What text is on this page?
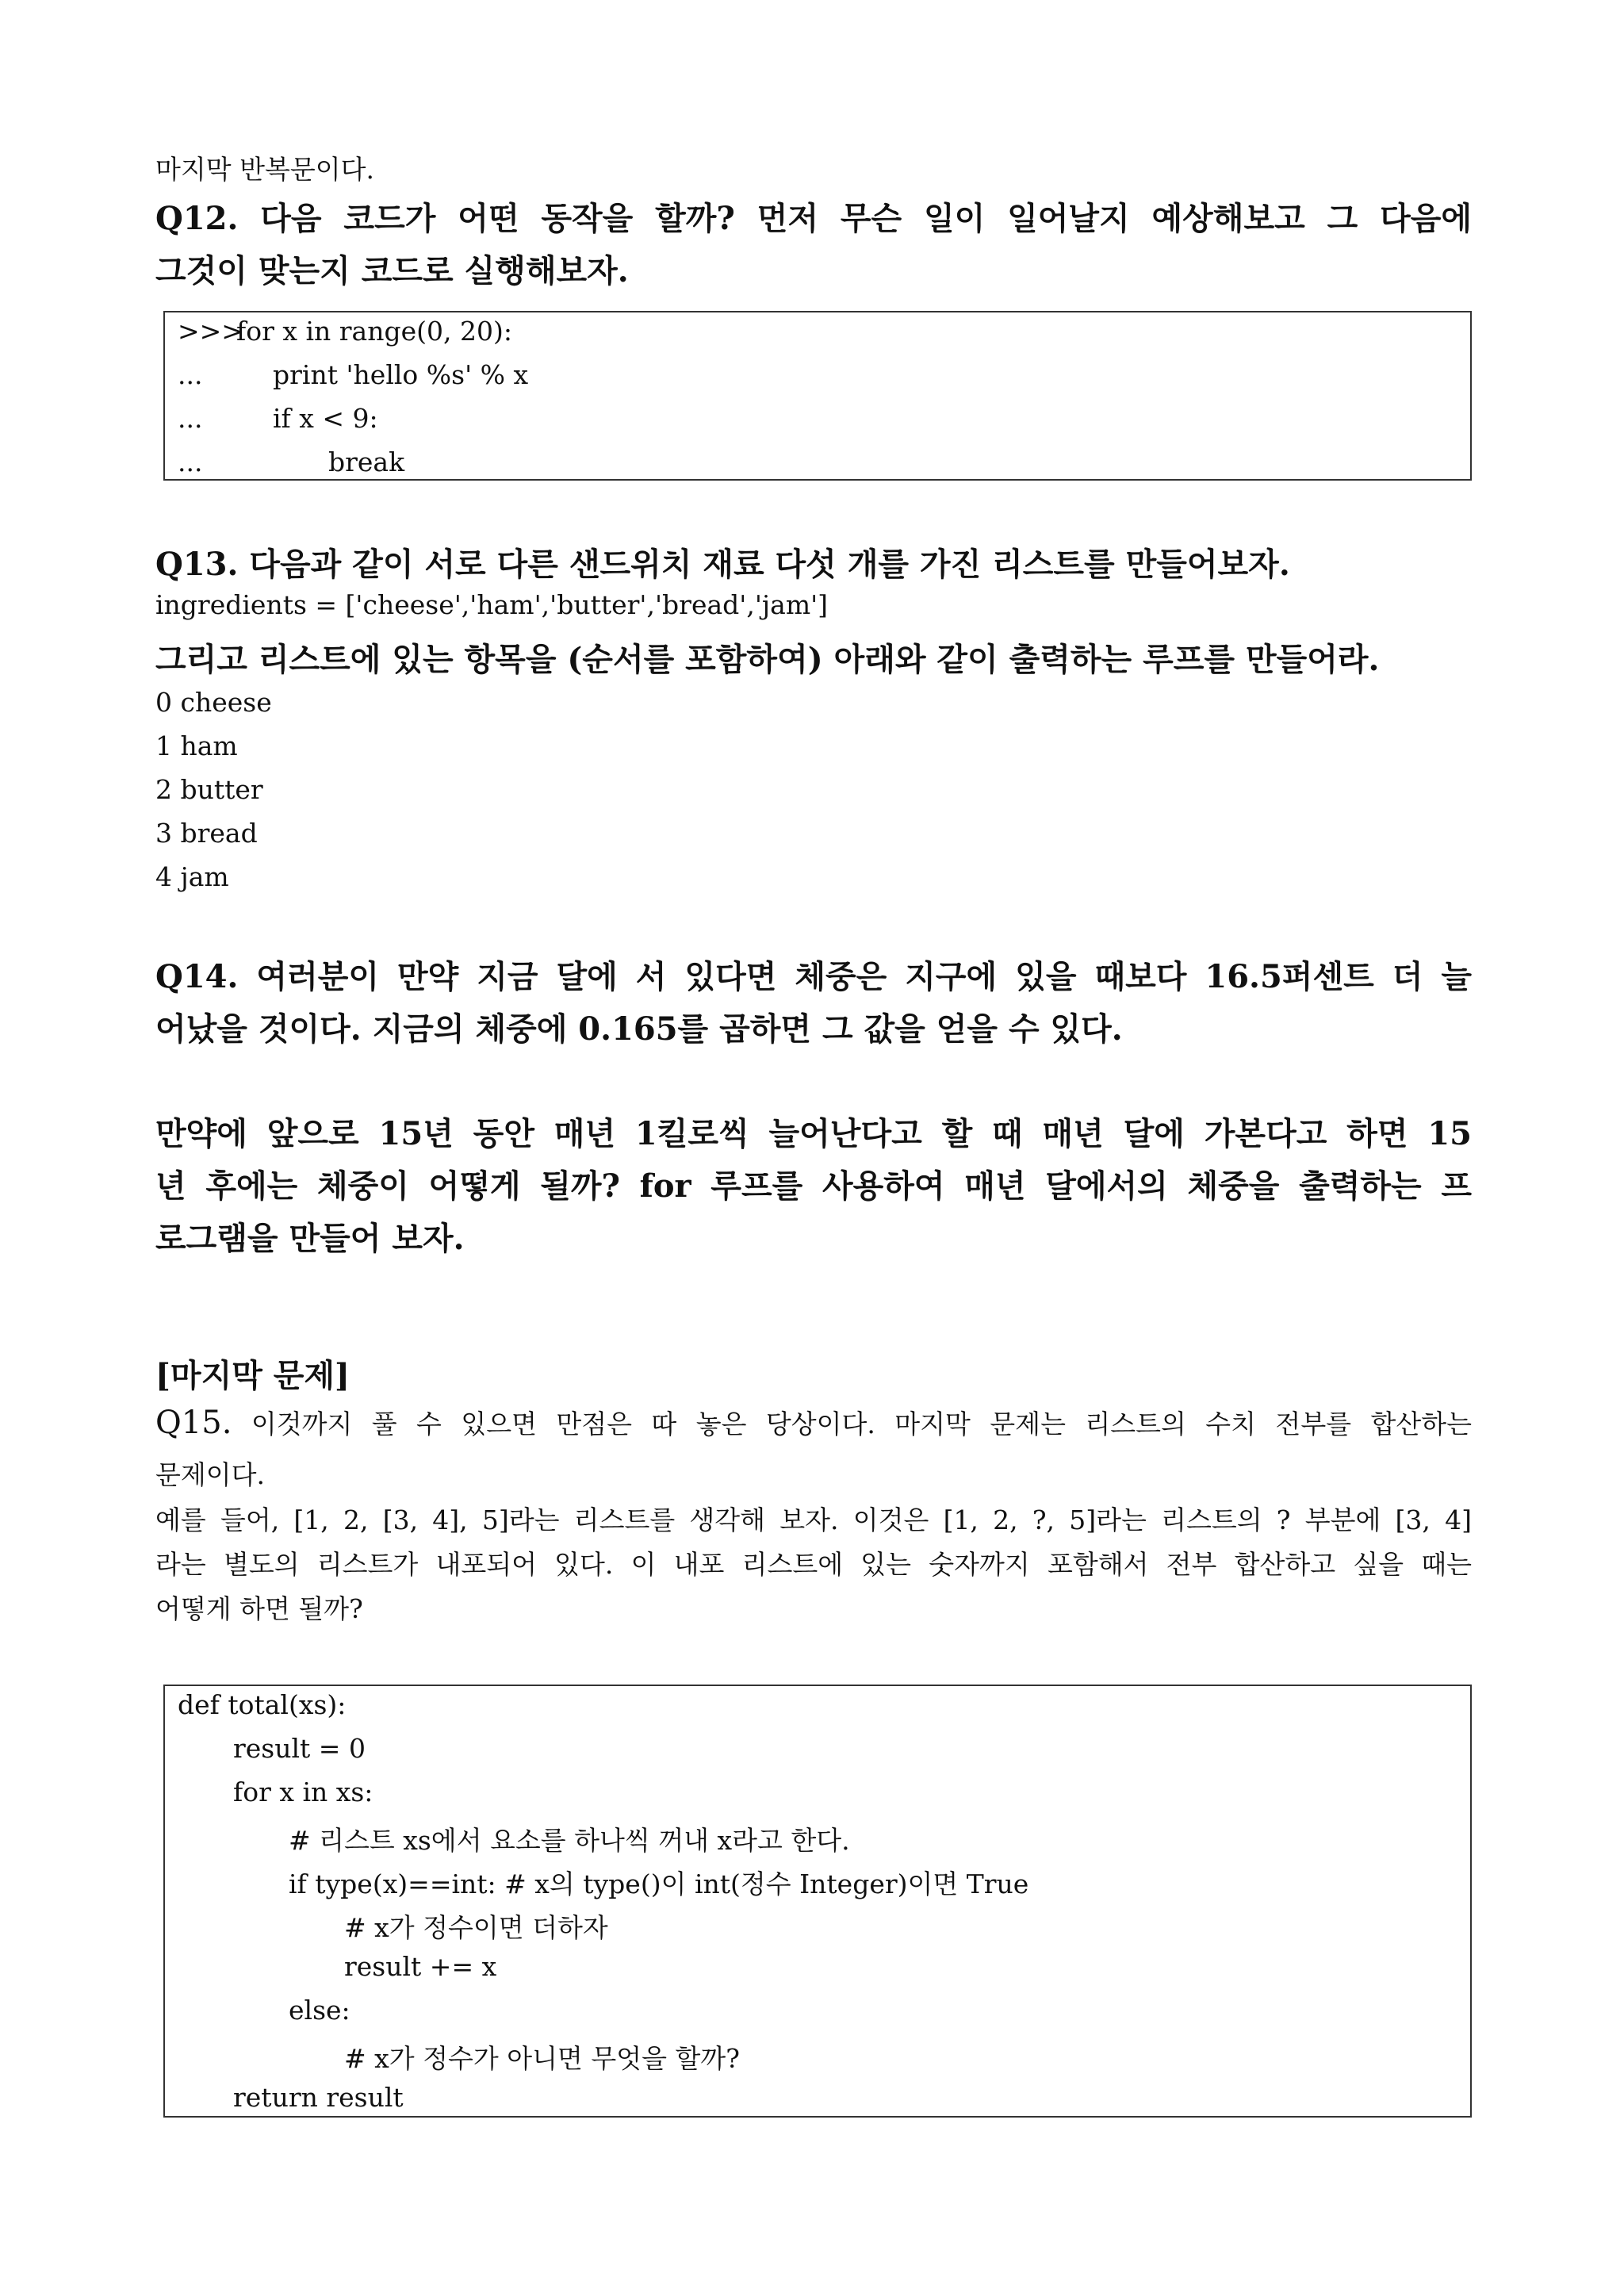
마지막 반복문이다.
Q12. 다음 코드가 어떤 동작을 할까? 먼저 무슨 일이 일어날지 예상해보고 그 다음에
그것이 맞는지 코드로 실행해보자.
>>>
for x in range(0, 20):
...	print 'hello %s' % x
...	if x < 9:
...	break
Q13. 다음과 같이 서로 다른 샌드위치 재료 다섯 개를 가진 리스트를 만들어보자.
ingredients = ['cheese','ham','butter','bread','jam']
그리고 리스트에 있는 항목을 (순서를 포함하여) 아래와 같이 출력하는 루프를 만들어라.
0 cheese
1 ham
2 butter
3 bread
4 jam
Q14. 여러분이 만약 지금 달에 서 있다면 체중은 지구에 있을 때보다 16.5퍼센트 더 늘
어났을 것이다. 지금의 체중에 0.165를 곱하면 그 값을 얻을 수 있다.
만약에 앞으로 15년 동안 매년 1킬로씩 늘어난다고 할 때 매년 달에 가본다고 하면 15
년 후에는 체중이 어떻게 될까? for 루프를 사용하여 매년 달에서의 체중을 출력하는 프
로그램을 만들어 보자.
[마지막 문제]
Q15. 이것까지 풀 수 있으면 만점은 따 놓은 당상이다. 마지막 문제는 리스트의 수치 전부를 합산하는
문제이다.
예를 들어, [1, 2, [3, 4], 5]라는 리스트를 생각해 보자. 이것은 [1, 2, ?, 5]라는 리스트의 ? 부분에 [3, 4]
라는 별도의 리스트가 내포되어 있다. 이 내포 리스트에 있는 숫자까지 포함해서 전부 합산하고 싶을 때는
어떻게 하면 될까?
def total(xs):
result = 0
for x in xs:
# 리스트 xs에서 요소를 하나씩 꺼내 x라고 한다.
if type(x)==int: # x의 type()이 int(정수 Integer)이면 True
# x가 정수이면 더하자
result += x
else:
# x가 정수가 아니면 무엇을 할까?
return result
